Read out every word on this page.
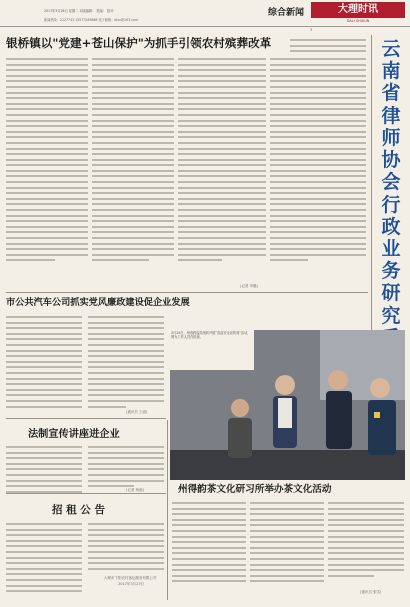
2017年3月28日 星期二 本版编辑： 美编： 校对：
新闻热线：2127743 13577269888 电子邮箱：dlsx@163.com
综合新闻	大理时讯
DALI SHIXUN
3
银桥镇以"党建+苍山保护"为抓手引领农村殡葬改革
(记者 李璐)
云南省律师协会行政业务研究
市公共汽车公司抓实党风廉政建设促企业发展
(通讯员 王丽)
3月29日，州食药监局组织开展“食品安全宣传周”活动，图为工作人员在检查。
法制宣传讲座进企业
(记者 杨丽)
招 租 公 告
大理市下阳农村客运服务有限公司
2017年3月23日
州得韵茶文化研习所举办茶文化活动
(通讯员 张雪)
